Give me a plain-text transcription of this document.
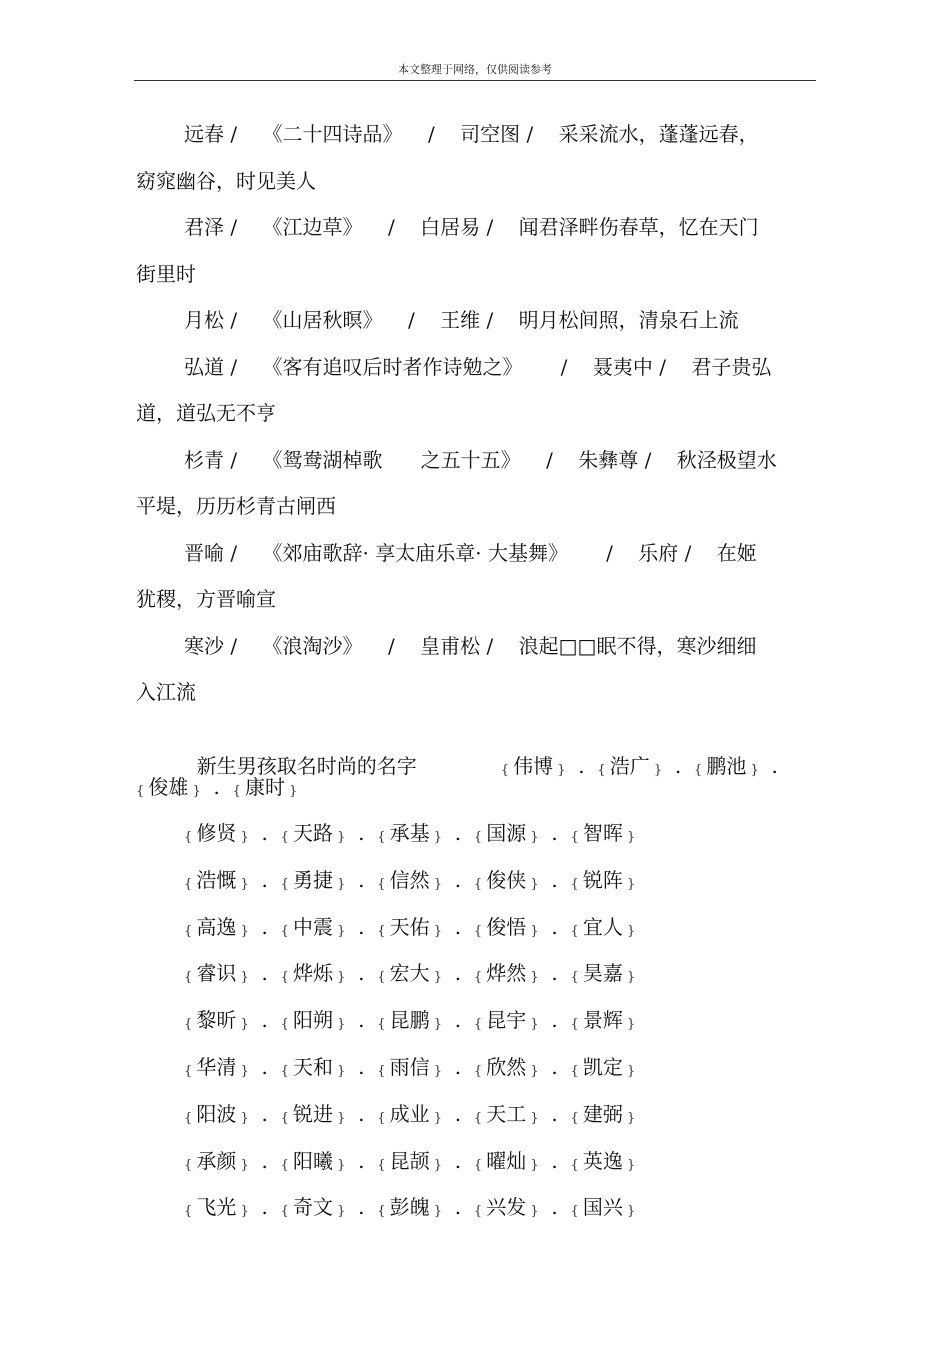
本文整理于网络，仅供阅读参考
远春 /    《二十四诗品》    /    司空图 /    采采流水，蓬蓬远春，
窈窕幽谷，时见美人
君泽 /    《江边草》    /    白居易 /    闻君泽畔伤春草，忆在天门
街里时
月松 /    《山居秋暝》    /    王维 /    明月松间照，清泉石上流
弘道 /    《客有追叹后时者作诗勉之》      /    聂夷中 /    君子贵弘
道，道弘无不亨
杉青 /    《鸳鸯湖棹歌      之五十五》    /    朱彝尊 /    秋泾极望水
平堤，历历杉青古闸西
晋喻 /    《郊庙歌辞· 享太庙乐章· 大基舞》      /    乐府 /    在姬
犹稷，方晋喻宣
寒沙 /    《浪淘沙》    /    皇甫松 /    浪起□□眠不得，寒沙细细
入江流

新生男孩取名时尚的名字	{ 伟博 }  .  { 浩广 }  .  { 鹏池 }  .

{ 俊雄 }  .  { 康时 }
{ 修贤 }  .  { 天路 }  .  { 承基 }  .  { 国源 }  .  { 智晖 }
{ 浩慨 }  .  { 勇捷 }  .  { 信然 }  .  { 俊侠 }  .  { 锐阵 }
{ 高逸 }  .  { 中震 }  .  { 天佑 }  .  { 俊悟 }  .  { 宜人 }
{ 睿识 }  .  { 烨烁 }  .  { 宏大 }  .  { 烨然 }  .  { 昊嘉 }
{ 黎昕 }  .  { 阳朔 }  .  { 昆鹏 }  .  { 昆宇 }  .  { 景辉 }
{ 华清 }  .  { 天和 }  .  { 雨信 }  .  { 欣然 }  .  { 凯定 }
{ 阳波 }  .  { 锐进 }  .  { 成业 }  .  { 天工 }  .  { 建弼 }
{ 承颜 }  .  { 阳曦 }  .  { 昆颉 }  .  { 曜灿 }  .  { 英逸 }
{ 飞光 }  .  { 奇文 }  .  { 彭魄 }  .  { 兴发 }  .  { 国兴 }
